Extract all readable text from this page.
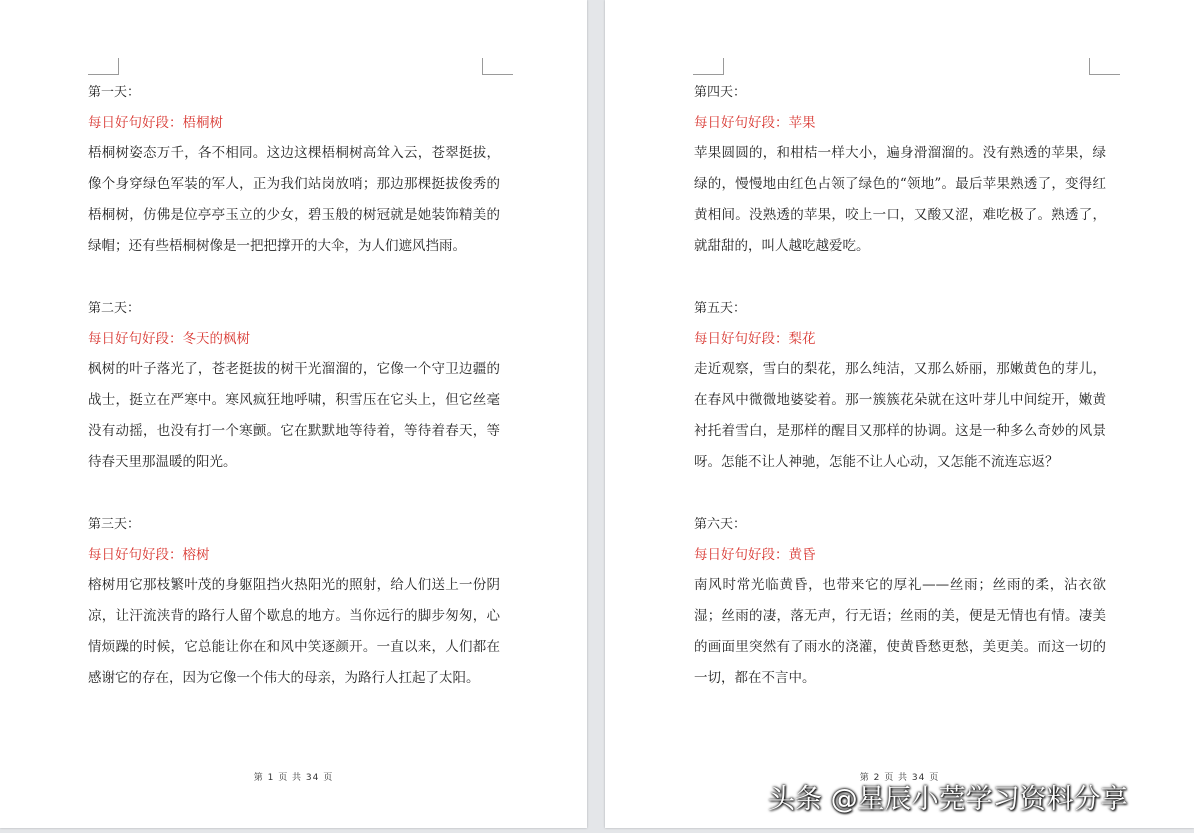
第一天：
每日好句好段：梧桐树
梧桐树姿态万千，各不相同。这边这棵梧桐树高耸入云，苍翠挺拔，像个身穿绿色军装的军人，正为我们站岗放哨；那边那棵挺拔俊秀的梧桐树，仿佛是位亭亭玉立的少女，碧玉般的树冠就是她装饰精美的绿帽；还有些梧桐树像是一把把撑开的大伞，为人们遮风挡雨。
第二天：
每日好句好段：冬天的枫树
枫树的叶子落光了，苍老挺拔的树干光溜溜的，它像一个守卫边疆的战士，挺立在严寒中。寒风疯狂地呼啸，积雪压在它头上，但它丝毫没有动摇，也没有打一个寒颤。它在默默地等待着，等待着春天，等待春天里那温暖的阳光。
第三天：
每日好句好段：榕树
榕树用它那枝繁叶茂的身躯阻挡火热阳光的照射，给人们送上一份阴凉，让汗流浃背的路行人留个歇息的地方。当你远行的脚步匆匆，心情烦躁的时候，它总能让你在和风中笑逐颜开。一直以来，人们都在感谢它的存在，因为它像一个伟大的母亲，为路行人扛起了太阳。
第 1 页 共 34 页
第四天：
每日好句好段：苹果
苹果圆圆的，和柑桔一样大小，遍身滑溜溜的。没有熟透的苹果，绿绿的，慢慢地由红色占领了绿色的“领地”。最后苹果熟透了，变得红黄相间。没熟透的苹果，咬上一口，又酸又涩，难吃极了。熟透了，就甜甜的，叫人越吃越爱吃。
第五天：
每日好句好段：梨花
走近观察，雪白的梨花，那么纯洁，又那么娇丽，那嫩黄色的芽儿，在春风中微微地婆娑着。那一簇簇花朵就在这叶芽儿中间绽开，嫩黄衬托着雪白，是那样的醒目又那样的协调。这是一种多么奇妙的风景呀。怎能不让人神驰，怎能不让人心动，又怎能不流连忘返？
第六天：
每日好句好段：黄昏
南风时常光临黄昏，也带来它的厚礼——丝雨；丝雨的柔，沾衣欲湿；丝雨的凄，落无声，行无语；丝雨的美，便是无情也有情。凄美的画面里突然有了雨水的浇灌，使黄昏愁更愁，美更美。而这一切的一切，都在不言中。
第 2 页 共 34 页
头条 @星辰小莞学习资料分享
